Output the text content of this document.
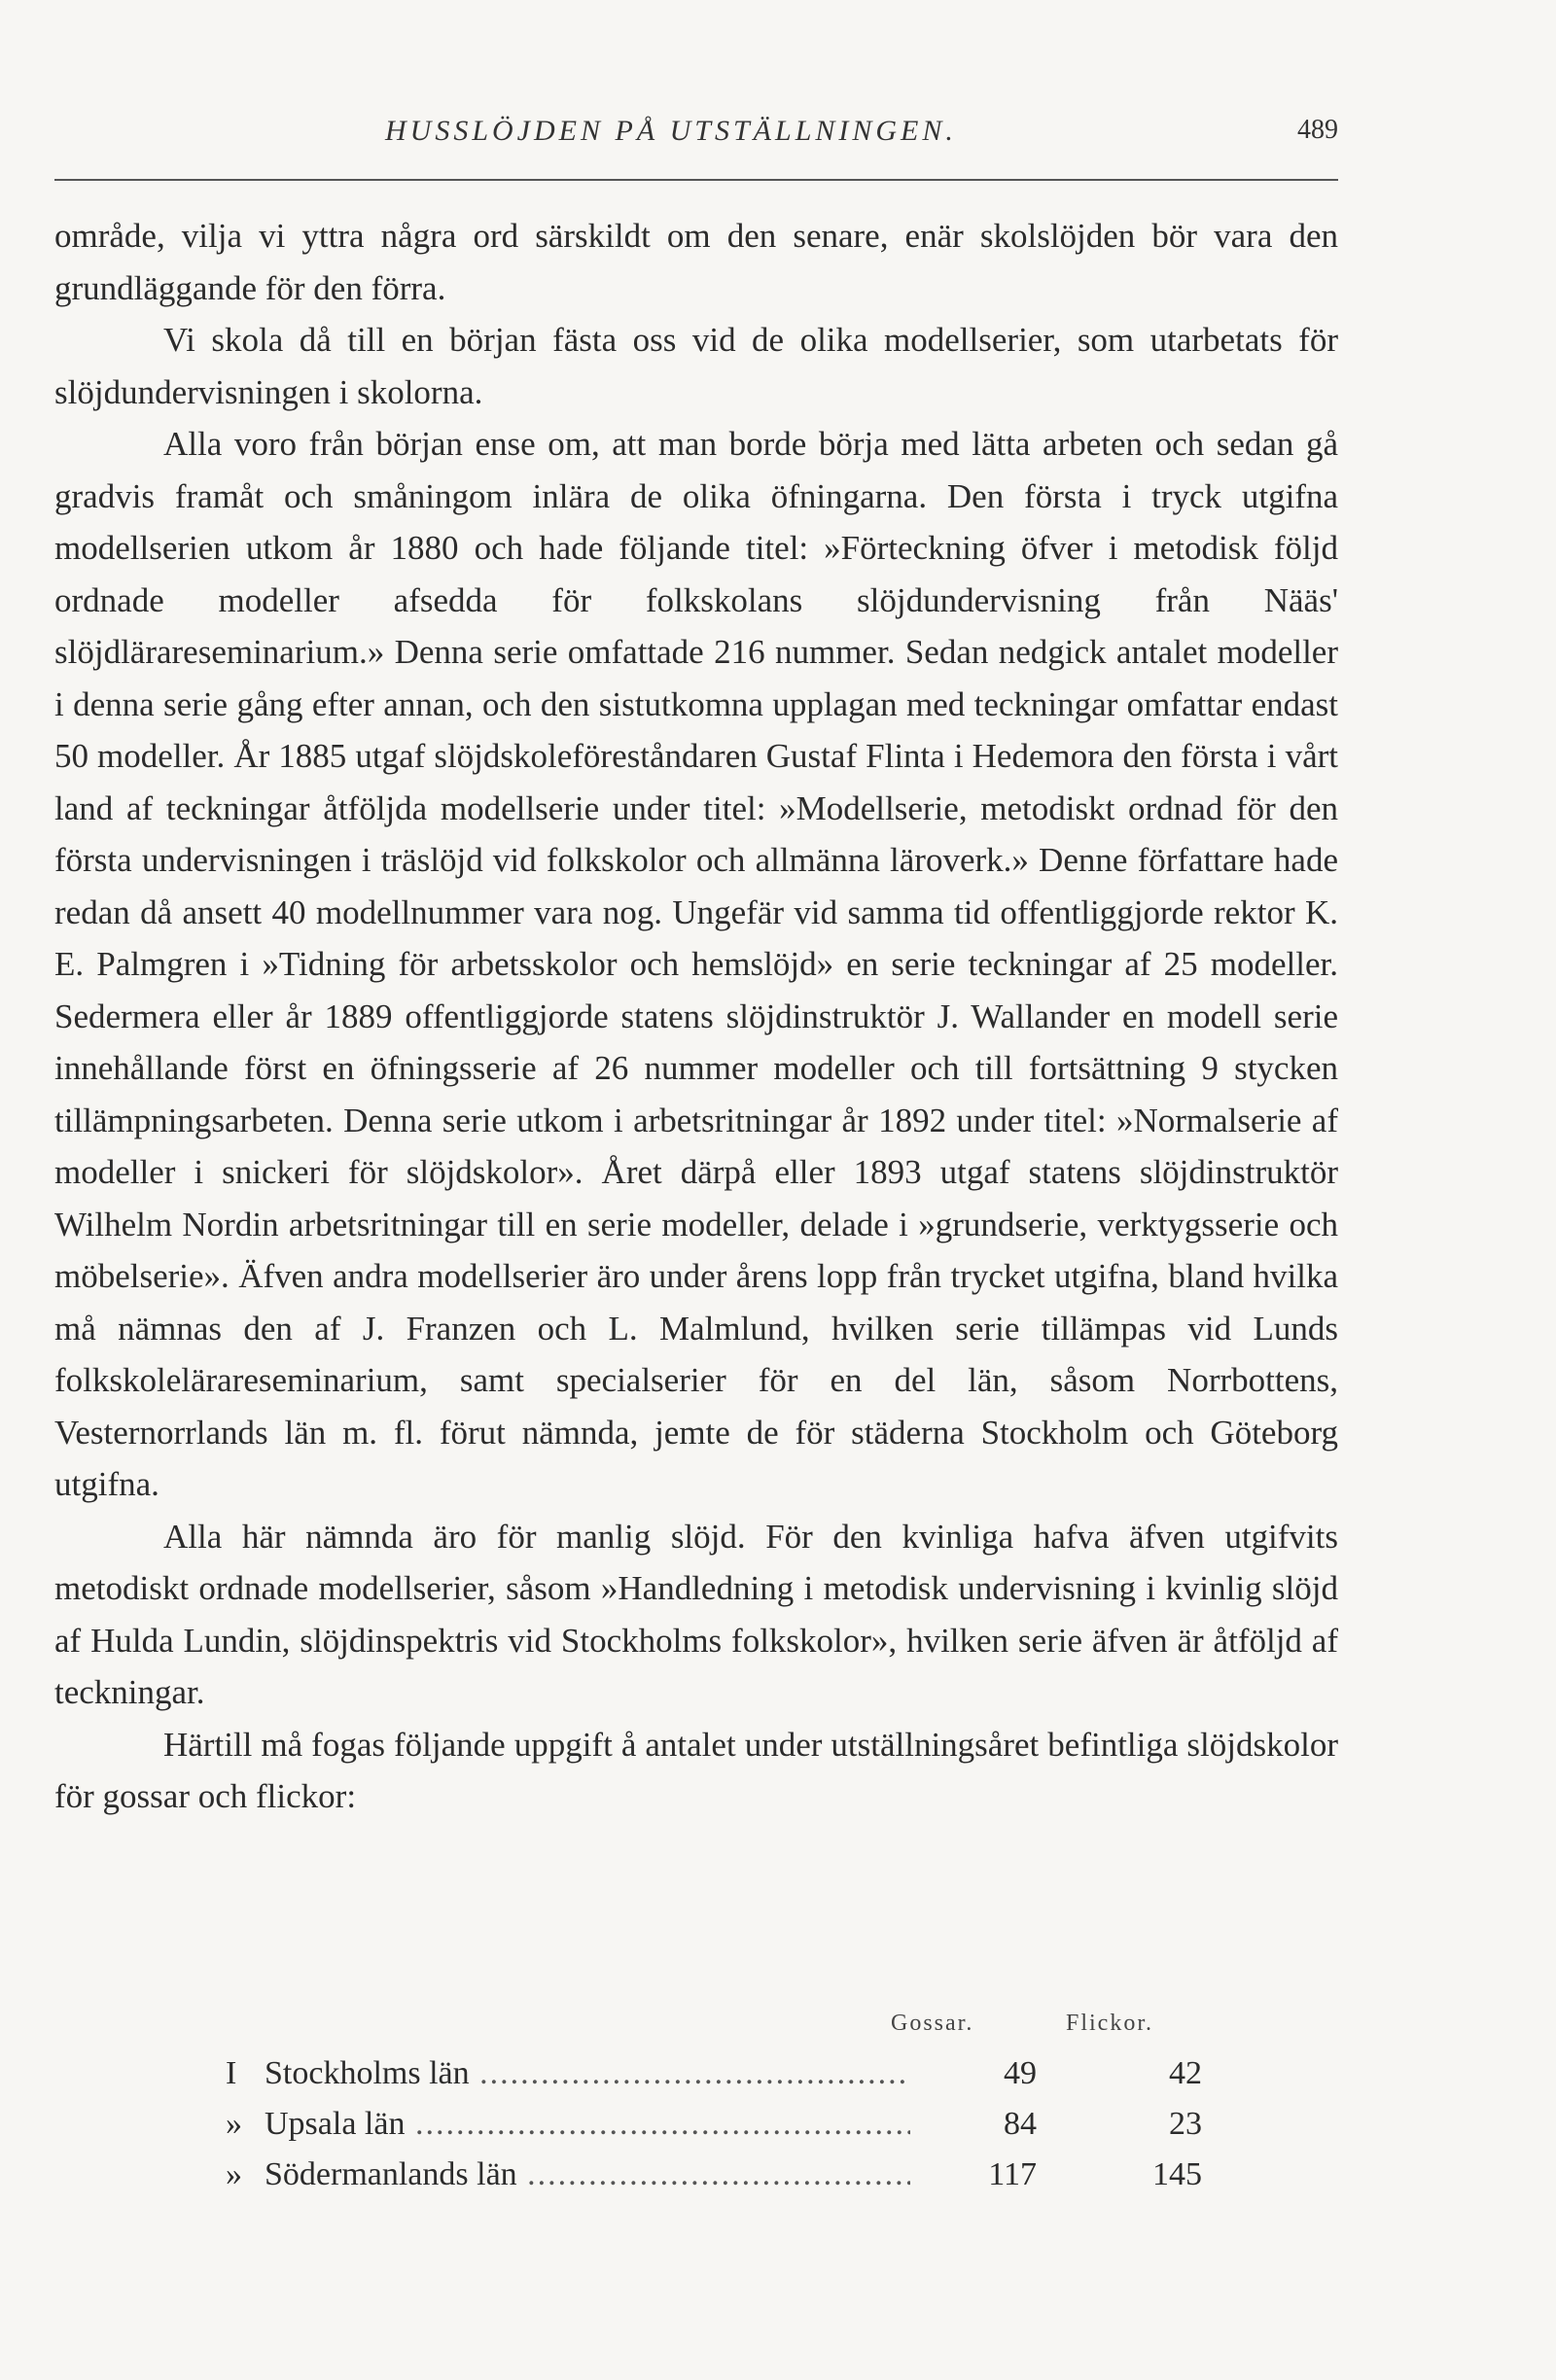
HUSSLÖJDEN PÅ UTSTÄLLNINGEN.	489

område, vilja vi yttra några ord särskildt om den senare, enär skolslöjden bör vara den grundläggande för den förra.

Vi skola då till en början fästa oss vid de olika modellserier, som utarbetats för slöjdundervisningen i skolorna.

Alla voro från början ense om, att man borde börja med lätta arbeten och sedan gå gradvis framåt och småningom inlära de olika öfningarna. Den första i tryck utgifna modellserien utkom år 1880 och hade följande titel: »Förteckning öfver i metodisk följd ordnade modeller afsedda för folkskolans slöjdundervisning från Nääs' slöjdlärareseminarium.» Denna serie omfattade 216 nummer. Sedan nedgick antalet modeller i denna serie gång efter annan, och den sistutkomna upplagan med teckningar omfattar endast 50 modeller. År 1885 utgaf slöjdskoleföreståndaren Gustaf Flinta i Hedemora den första i vårt land af teckningar åtföljda modellserie under titel: »Modellserie, metodiskt ordnad för den första undervisningen i träslöjd vid folkskolor och allmänna läroverk.» Denne författare hade redan då ansett 40 modellnummer vara nog. Ungefär vid samma tid offentliggjorde rektor K. E. Palmgren i »Tidning för arbetsskolor och hemslöjd» en serie teckningar af 25 modeller. Sedermera eller år 1889 offentliggjorde statens slöjdinstruktör J. Wallander en modell serie innehållande först en öfningsserie af 26 nummer modeller och till fortsättning 9 stycken tillämpningsarbeten. Denna serie utkom i arbetsritningar år 1892 under titel: »Normalserie af modeller i snickeri för slöjdskolor». Året därpå eller 1893 utgaf statens slöjdinstruktör Wilhelm Nordin arbetsritningar till en serie modeller, delade i »grundserie, verktygsserie och möbelserie». Äfven andra modellserier äro under årens lopp från trycket utgifna, bland hvilka må nämnas den af J. Franzen och L. Malmlund, hvilken serie tillämpas vid Lunds folkskolelärareseminarium, samt specialserier för en del län, såsom Norrbottens, Vesternorrlands län m. fl. förut nämnda, jemte de för städerna Stockholm och Göteborg utgifna.

Alla här nämnda äro för manlig slöjd. För den kvinliga hafva äfven utgifvits metodiskt ordnade modellserier, såsom »Handledning i metodisk undervisning i kvinlig slöjd af Hulda Lundin, slöjdinspektris vid Stockholms folkskolor», hvilken serie äfven är åtföljd af teckningar.

Härtill må fogas följande uppgift å antalet under utställningsåret befintliga slöjdskolor för gossar och flickor:

Gossar.	Flickor.
I Stockholms län .....	49	42
» Upsala län .....	84	23
» Södermanlands län .....	117	145
